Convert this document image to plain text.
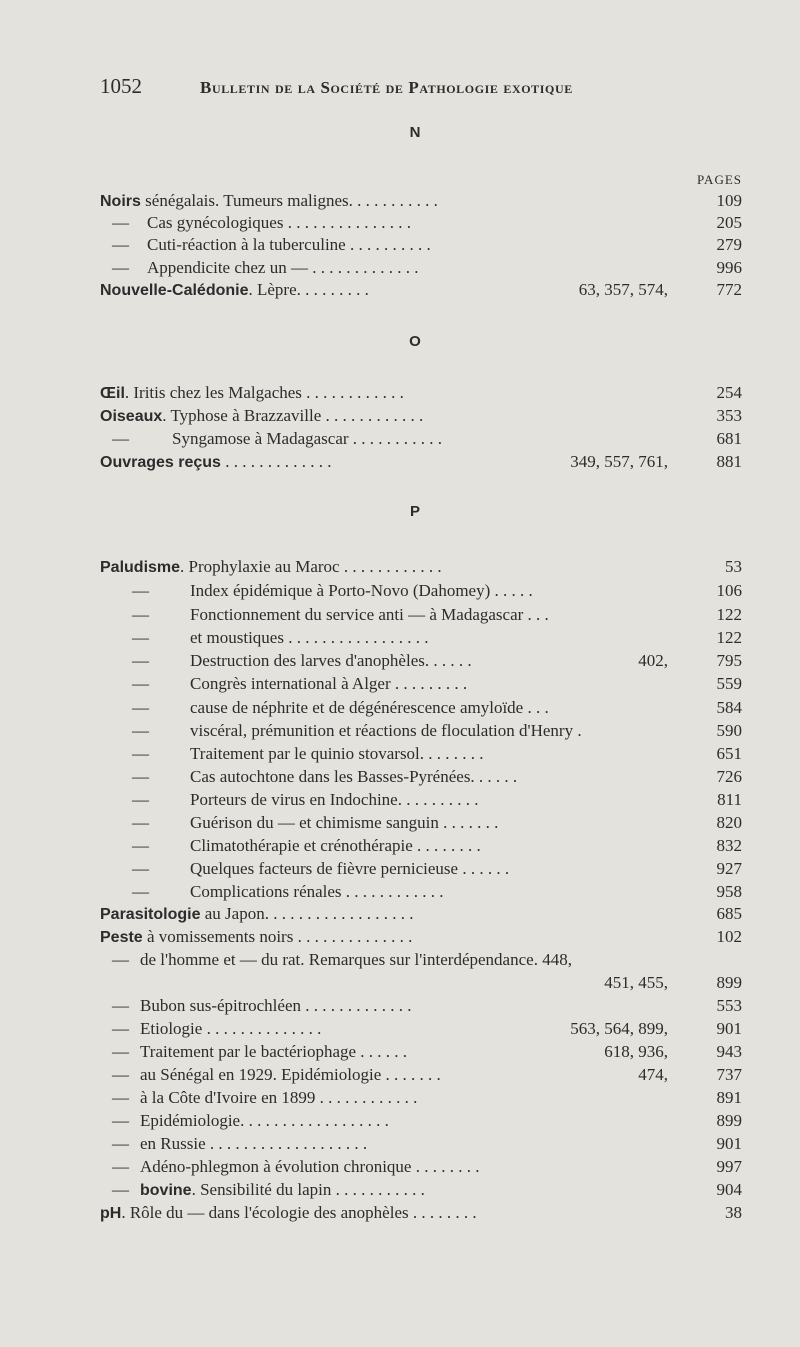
1052	Bulletin de la Société de Pathologie exotique
N
O
P
PAGES
Noirs sénégalais. Tumeurs malignes. . . . . . . . . . .	109
— Cas gynécologiques . . . . . . . . . . . . . . .	205
— Cuti-réaction à la tuberculine . . . . . . . . . .	279
— Appendicite chez un — . . . . . . . . . . . . .	996
Nouvelle-Calédonie. Lèpre. . . . . . . . .	63, 357, 574,	772
Œil. Iritis chez les Malgaches . . . . . . . . . . . .	254
Oiseaux. Typhose à Brazzaville . . . . . . . . . . . .	353
—	Syngamose à Madagascar . . . . . . . . . . .	681
Ouvrages reçus . . . . . . . . . . . . .	349, 557, 761,	881
Paludisme. Prophylaxie au Maroc . . . . . . . . . . . .	53
— Index épidémique à Porto-Novo (Dahomey) . . . . .	106
— Fonctionnement du service anti — à Madagascar . . .	122
— et moustiques . . . . . . . . . . . . . . . . .	122
— Destruction des larves d'anophèles. . . . . .	402,	795
— Congrès international à Alger . . . . . . . . .	559
— cause de néphrite et de dégénérescence amyloïde . . .	584
— viscéral, prémunition et réactions de floculation d'Henry .	590
— Traitement par le quinio stovarsol. . . . . . . .	651
— Cas autochtone dans les Basses-Pyrénées. . . . . .	726
— Porteurs de virus en Indochine. . . . . . . . . .	811
— Guérison du — et chimisme sanguin . . . . . . .	820
— Climatothérapie et crénothérapie . . . . . . . .	832
— Quelques facteurs de fièvre pernicieuse . . . . . .	927
— Complications rénales . . . . . . . . . . . .	958
Parasitologie au Japon. . . . . . . . . . . . . . . . . .	685
Peste à vomissements noirs . . . . . . . . . . . . . .	102
— de l'homme et — du rat. Remarques sur l'interdépendance. 448,
451, 455,	899
— Bubon sus-épitrochléen . . . . . . . . . . . . .	553
— Etiologie . . . . . . . . . . . . . .	563, 564, 899,	901
— Traitement par le bactériophage . . . . . .	618, 936,	943
— au Sénégal en 1929. Epidémiologie . . . . . . .	474,	737
— à la Côte d'Ivoire en 1899 . . . . . . . . . . . .	891
— Epidémiologie. . . . . . . . . . . . . . . . . .	899
— en Russie . . . . . . . . . . . . . . . . . . .	901
— Adéno-phlegmon à évolution chronique . . . . . . . .	997
— bovine. Sensibilité du lapin . . . . . . . . . . .	904
pH. Rôle du — dans l'écologie des anophèles . . . . . . . .	38
